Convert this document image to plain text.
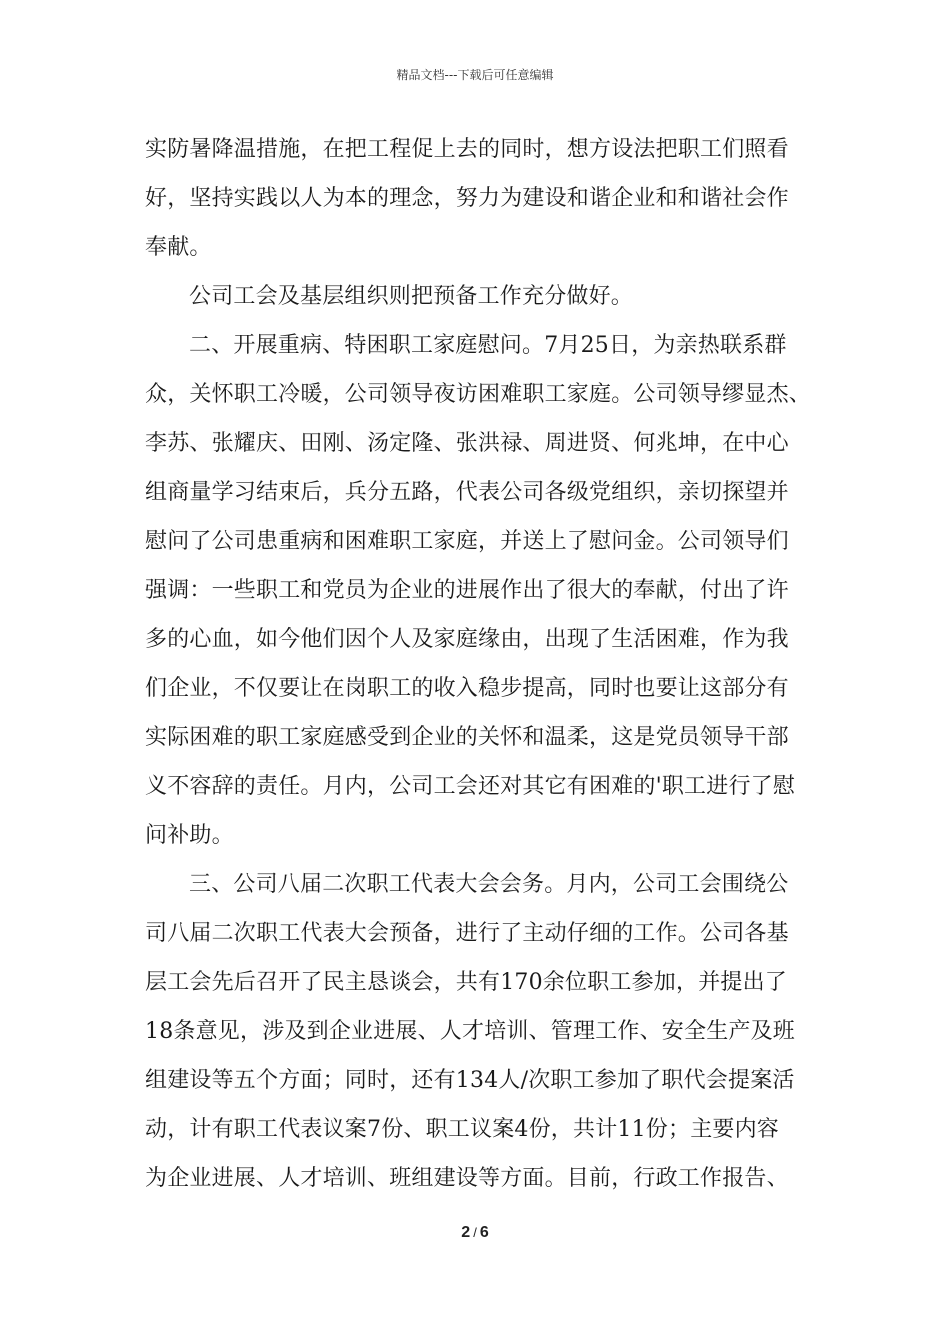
精品文档---下载后可任意编辑
实防暑降温措施，在把工程促上去的同时，想方设法把职工们照看
好，坚持实践以人为本的理念，努力为建设和谐企业和和谐社会作
奉献。
公司工会及基层组织则把预备工作充分做好。
二、开展重病、特困职工家庭慰问。7月25日，为亲热联系群
众，关怀职工冷暖，公司领导夜访困难职工家庭。公司领导缪显杰、
李苏、张耀庆、田刚、汤定隆、张洪禄、周进贤、何兆坤，在中心
组商量学习结束后，兵分五路，代表公司各级党组织，亲切探望并
慰问了公司患重病和困难职工家庭，并送上了慰问金。公司领导们
强调：一些职工和党员为企业的进展作出了很大的奉献，付出了许
多的心血，如今他们因个人及家庭缘由，出现了生活困难，作为我
们企业，不仅要让在岗职工的收入稳步提高，同时也要让这部分有
实际困难的职工家庭感受到企业的关怀和温柔，这是党员领导干部
义不容辞的责任。月内，公司工会还对其它有困难的'职工进行了慰
问补助。
三、公司八届二次职工代表大会会务。月内，公司工会围绕公
司八届二次职工代表大会预备，进行了主动仔细的工作。公司各基
层工会先后召开了民主恳谈会，共有170余位职工参加，并提出了
18条意见，涉及到企业进展、人才培训、管理工作、安全生产及班
组建设等五个方面；同时，还有134人/次职工参加了职代会提案活
动，计有职工代表议案7份、职工议案4份，共计11份；主要内容
为企业进展、人才培训、班组建设等方面。目前，行政工作报告、
2 / 6
